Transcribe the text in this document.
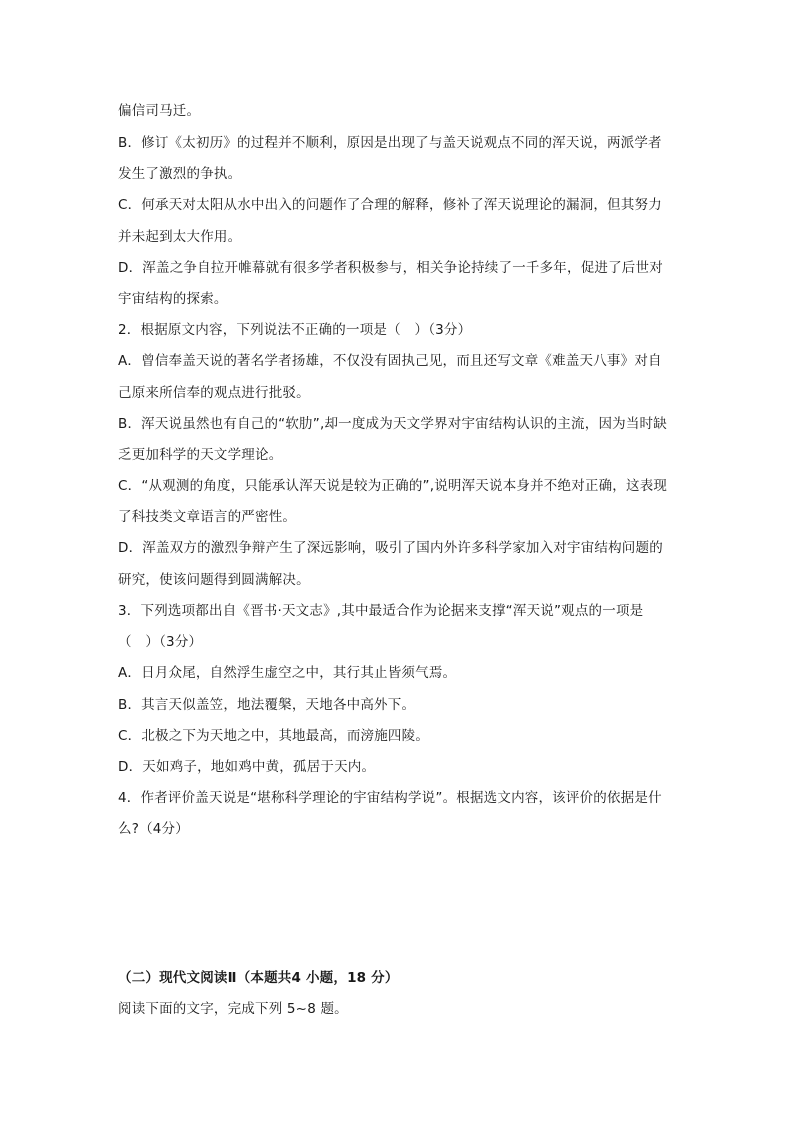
偏信司马迁。
B．修订《太初历》的过程并不顺利，原因是出现了与盖天说观点不同的浑天说，两派学者
发生了激烈的争执。
C．何承天对太阳从水中出入的问题作了合理的解释，修补了浑天说理论的漏洞，但其努力
并未起到太大作用。
D．浑盖之争自拉开帷幕就有很多学者积极参与，相关争论持续了一千多年，促进了后世对
宇宙结构的探索。
2．根据原文内容，下列说法不正确的一项是（　）（3分）
A．曾信奉盖天说的著名学者扬雄，不仅没有固执己见，而且还写文章《难盖天八事》对自
己原来所信奉的观点进行批驳。
B．浑天说虽然也有自己的“软肋”,却一度成为天文学界对宇宙结构认识的主流，因为当时缺
乏更加科学的天文学理论。
C．“从观测的角度，只能承认浑天说是较为正确的”,说明浑天说本身并不绝对正确，这表现
了科技类文章语言的严密性。
D．浑盖双方的激烈争辩产生了深远影响，吸引了国内外许多科学家加入对宇宙结构问题的
研究，使该问题得到圆满解决。
3．下列选项都出自《晋书·天文志》,其中最适合作为论据来支撑“浑天说”观点的一项是
（　）（3分）
A．日月众尾，自然浮生虚空之中，其行其止皆须气焉。
B．其言天似盖笠，地法覆槃，天地各中高外下。
C．北极之下为天地之中，其地最高，而滂施四陵。
D．天如鸡子，地如鸡中黄，孤居于天内。
4．作者评价盖天说是“堪称科学理论的宇宙结构学说”。根据选文内容，该评价的依据是什
么?（4分）
（二）现代文阅读Ⅱ（本题共4 小题，18 分）
阅读下面的文字，完成下列 5~8 题。
